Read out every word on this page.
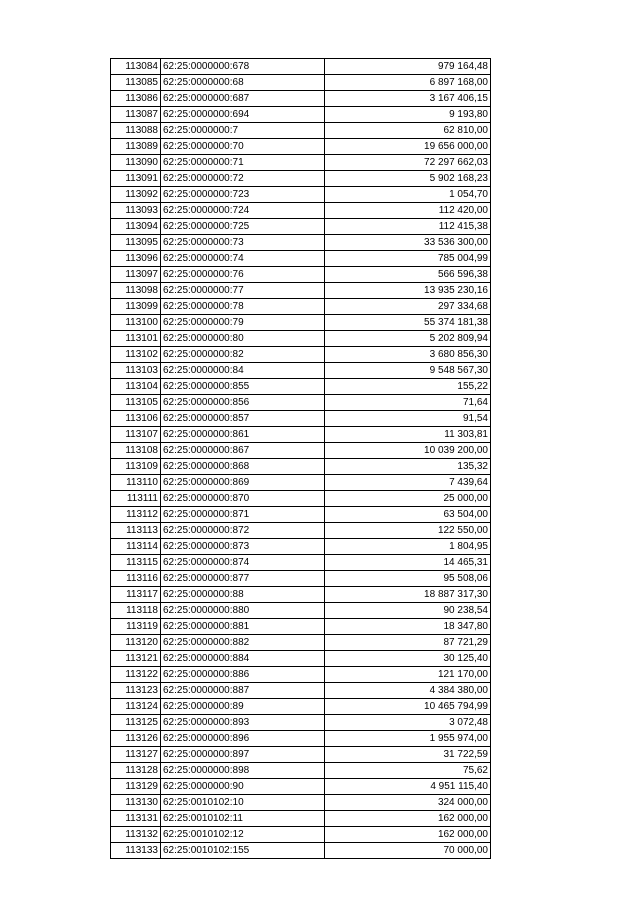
113084	62:25:0000000:678	979 164,48
113085	62:25:0000000:68	6 897 168,00
113086	62:25:0000000:687	3 167 406,15
113087	62:25:0000000:694	9 193,80
113088	62:25:0000000:7	62 810,00
113089	62:25:0000000:70	19 656 000,00
113090	62:25:0000000:71	72 297 662,03
113091	62:25:0000000:72	5 902 168,23
113092	62:25:0000000:723	1 054,70
113093	62:25:0000000:724	112 420,00
113094	62:25:0000000:725	112 415,38
113095	62:25:0000000:73	33 536 300,00
113096	62:25:0000000:74	785 004,99
113097	62:25:0000000:76	566 596,38
113098	62:25:0000000:77	13 935 230,16
113099	62:25:0000000:78	297 334,68
113100	62:25:0000000:79	55 374 181,38
113101	62:25:0000000:80	5 202 809,94
113102	62:25:0000000:82	3 680 856,30
113103	62:25:0000000:84	9 548 567,30
113104	62:25:0000000:855	155,22
113105	62:25:0000000:856	71,64
113106	62:25:0000000:857	91,54
113107	62:25:0000000:861	11 303,81
113108	62:25:0000000:867	10 039 200,00
113109	62:25:0000000:868	135,32
113110	62:25:0000000:869	7 439,64
113111	62:25:0000000:870	25 000,00
113112	62:25:0000000:871	63 504,00
113113	62:25:0000000:872	122 550,00
113114	62:25:0000000:873	1 804,95
113115	62:25:0000000:874	14 465,31
113116	62:25:0000000:877	95 508,06
113117	62:25:0000000:88	18 887 317,30
113118	62:25:0000000:880	90 238,54
113119	62:25:0000000:881	18 347,80
113120	62:25:0000000:882	87 721,29
113121	62:25:0000000:884	30 125,40
113122	62:25:0000000:886	121 170,00
113123	62:25:0000000:887	4 384 380,00
113124	62:25:0000000:89	10 465 794,99
113125	62:25:0000000:893	3 072,48
113126	62:25:0000000:896	1 955 974,00
113127	62:25:0000000:897	31 722,59
113128	62:25:0000000:898	75,62
113129	62:25:0000000:90	4 951 115,40
113130	62:25:0010102:10	324 000,00
113131	62:25:0010102:11	162 000,00
113132	62:25:0010102:12	162 000,00
113133	62:25:0010102:155	70 000,00
